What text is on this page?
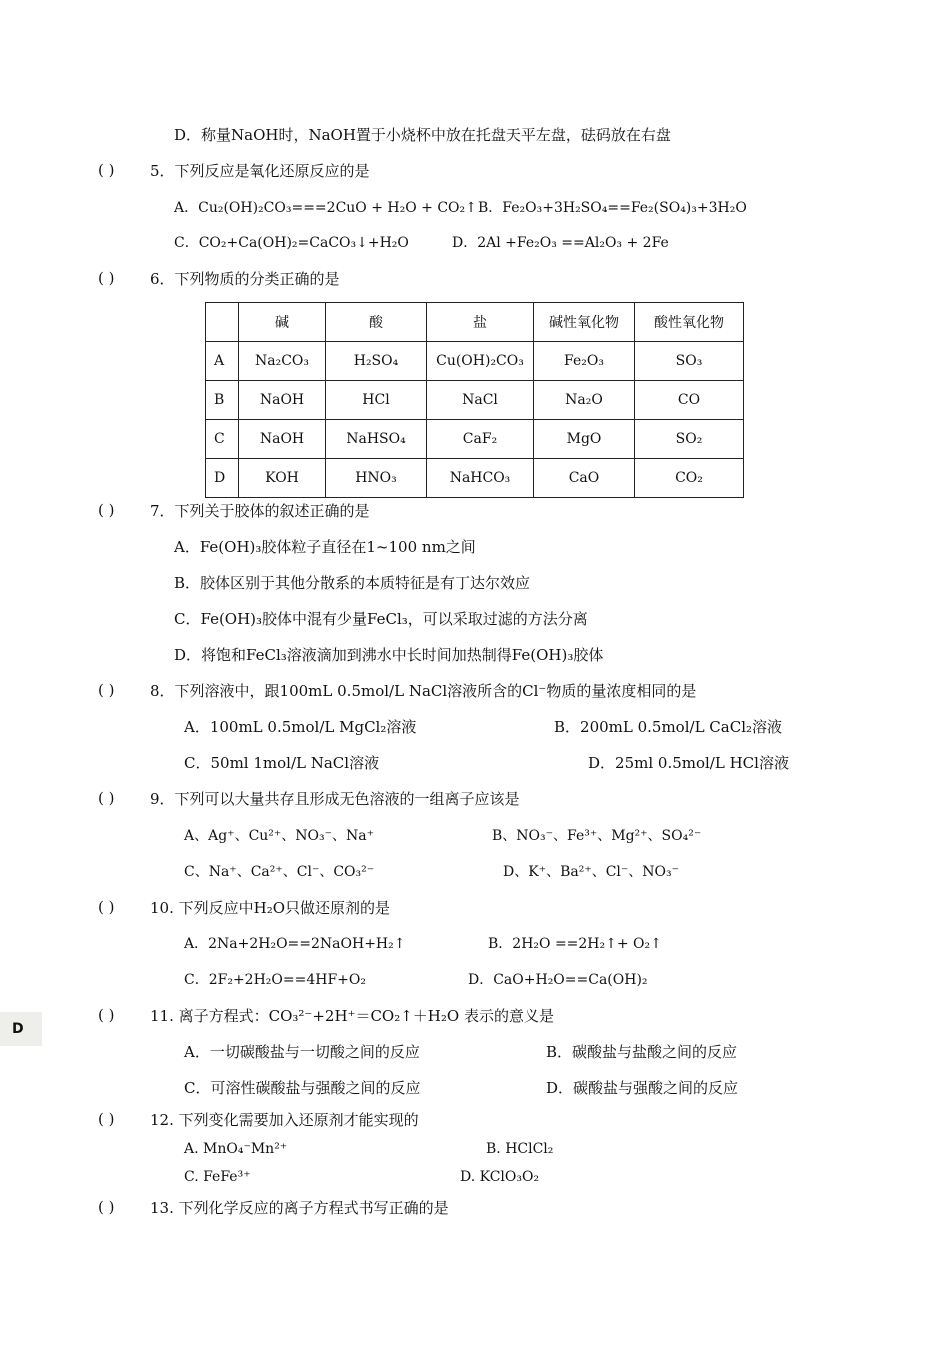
D．称量NaOH时，NaOH置于小烧杯中放在托盘天平左盘，砝码放在右盘
( ) 5．下列反应是氧化还原反应的是
A．Cu₂(OH)₂CO₃===2CuO + H₂O + CO₂↑ B．Fe₂O₃+3H₂SO₄==Fe₂(SO₄)₃+3H₂O
C．CO₂+Ca(OH)₂=CaCO₃↓+H₂O	D．2Al +Fe₂O₃ ==Al₂O₃ + 2Fe
( ) 6．下列物质的分类正确的是
	碱	酸	盐	碱性氧化物	酸性氧化物
A	Na₂CO₃	H₂SO₄	Cu(OH)₂CO₃	Fe₂O₃	SO₃
B	NaOH	HCl	NaCl	Na₂O	CO
C	NaOH	NaHSO₄	CaF₂	MgO	SO₂
D	KOH	HNO₃	NaHCO₃	CaO	CO₂
( ) 7．下列关于胶体的叙述正确的是
A．Fe(OH)₃胶体粒子直径在1~100 nm之间
B．胶体区别于其他分散系的本质特征是有丁达尔效应
C．Fe(OH)₃胶体中混有少量FeCl₃，可以采取过滤的方法分离
D．将饱和FeCl₃溶液滴加到沸水中长时间加热制得Fe(OH)₃胶体
( ) 8．下列溶液中，跟100mL 0.5mol/L NaCl溶液所含的Cl⁻物质的量浓度相同的是
A．100mL 0.5mol/L MgCl₂溶液	B．200mL 0.5mol/L CaCl₂溶液
C．50ml 1mol/L NaCl溶液	D．25ml 0.5mol/L HCl溶液
( ) 9．下列可以大量共存且形成无色溶液的一组离子应该是
A、Ag⁺、Cu²⁺、NO₃⁻、Na⁺	B、NO₃⁻、Fe³⁺、Mg²⁺、SO₄²⁻
C、Na⁺、Ca²⁺、Cl⁻、CO₃²⁻	D、K⁺、Ba²⁺、Cl⁻、NO₃⁻
( ) 10. 下列反应中H₂O只做还原剂的是
A．2Na+2H₂O==2NaOH+H₂↑	B．2H₂O ==2H₂↑+ O₂↑
C．2F₂+2H₂O==4HF+O₂	D．CaO+H₂O==Ca(OH)₂
( ) 11. 离子方程式：CO₃²⁻+2H⁺＝CO₂↑＋H₂O 表示的意义是
A．一切碳酸盐与一切酸之间的反应	B．碳酸盐与盐酸之间的反应
C．可溶性碳酸盐与强酸之间的反应	D．碳酸盐与强酸之间的反应
( ) 12. 下列变化需要加入还原剂才能实现的
A. MnO₄⁻Mn²⁺	B. HClCl₂
C. FeFe³⁺	D. KClO₃O₂
( ) 13. 下列化学反应的离子方程式书写正确的是
D
